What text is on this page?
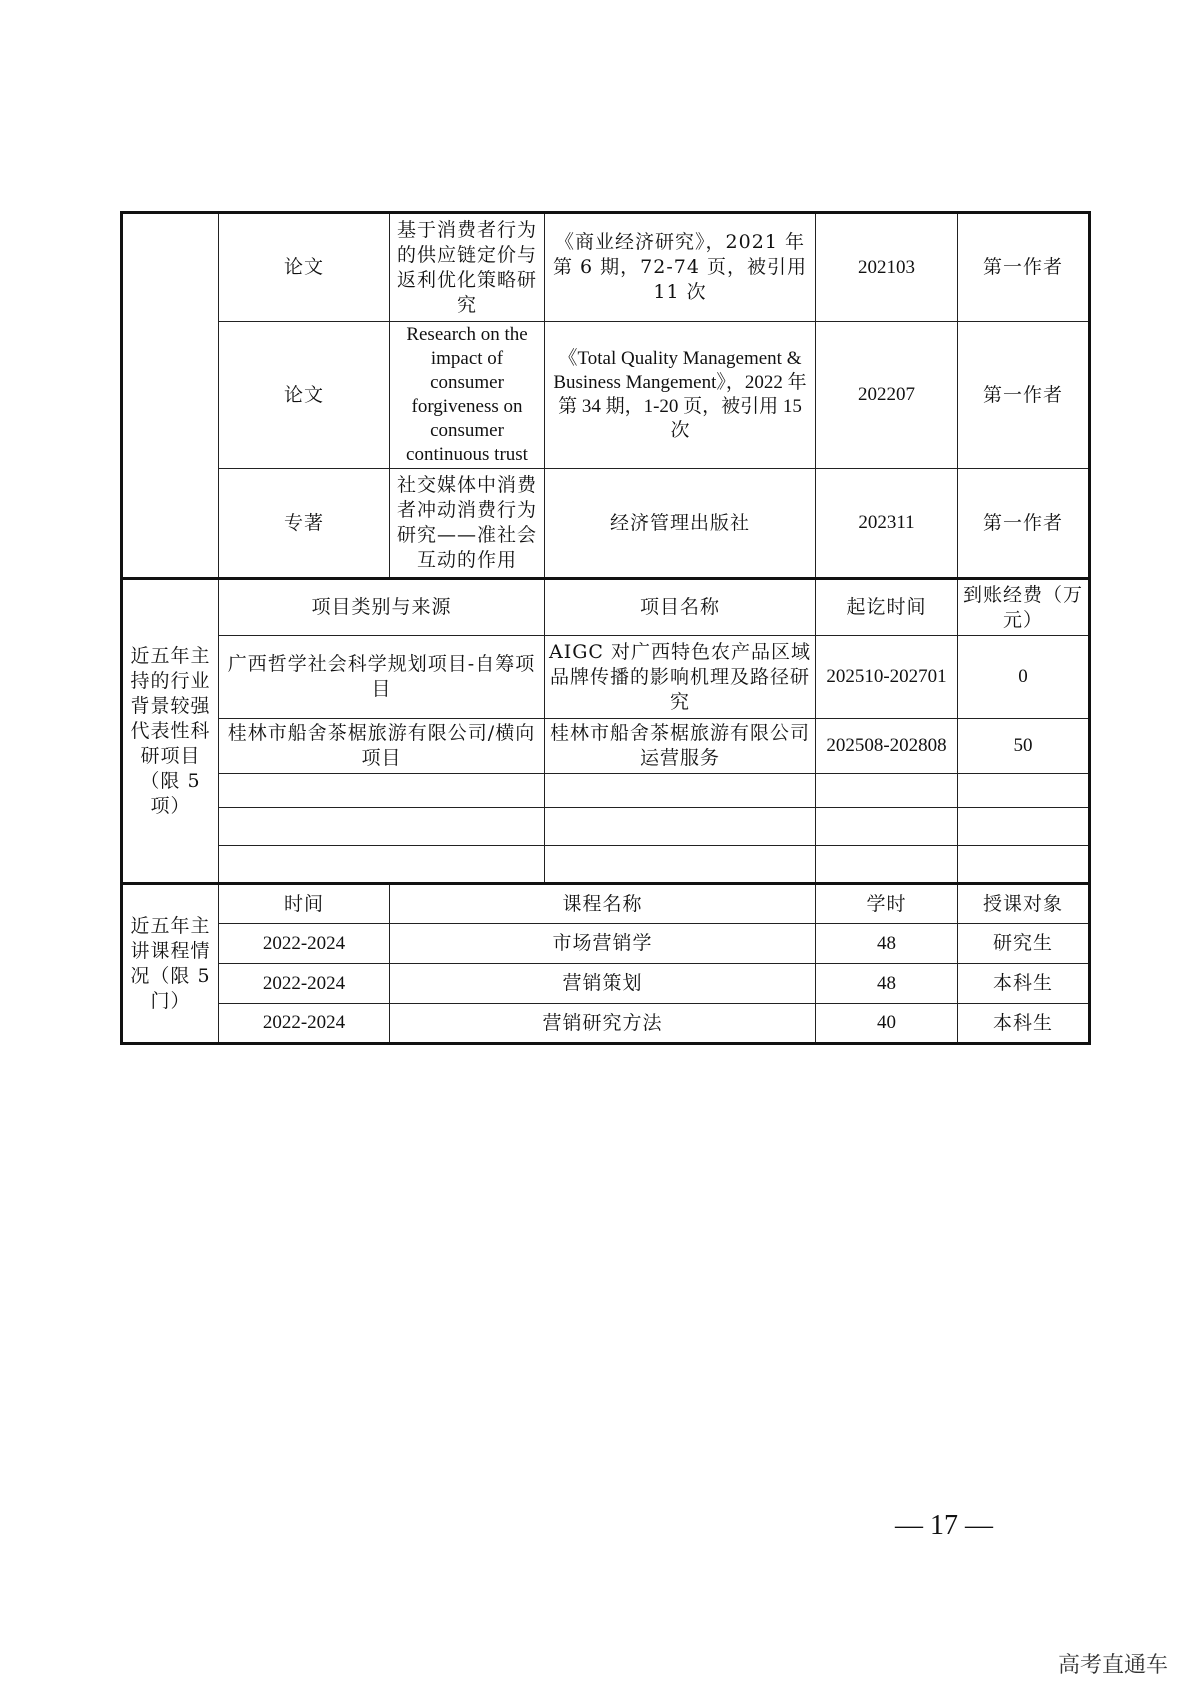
	论文	基于消费者行为的供应链定价与返利优化策略研究	《商业经济研究》，2021 年第 6 期，72-74 页，被引用 11 次	202103	第一作者
	论文	Research on the impact of consumer forgiveness on consumer continuous trust	《Total Quality Management & Business Mangement》，2022 年第 34 期，1-20 页，被引用 15 次	202207	第一作者
	专著	社交媒体中消费者冲动消费行为研究——准社会互动的作用	经济管理出版社	202311	第一作者
近五年主持的行业背景较强代表性科研项目（限 5 项）	项目类别与来源		项目名称	起讫时间	到账经费（万元）
	广西哲学社会科学规划项目-自筹项目		AIGC 对广西特色农产品区域品牌传播的影响机理及路径研究	202510-202701	0
	桂林市船舍茶椐旅游有限公司/横向项目		桂林市船舍茶椐旅游有限公司运营服务	202508-202808	50

近五年主讲课程情况（限 5 门）	时间	课程名称		学时	授课对象
	2022-2024	市场营销学		48	研究生
	2022-2024	营销策划		48	本科生
	2022-2024	营销研究方法		40	本科生
— 17 —
高考直通车
